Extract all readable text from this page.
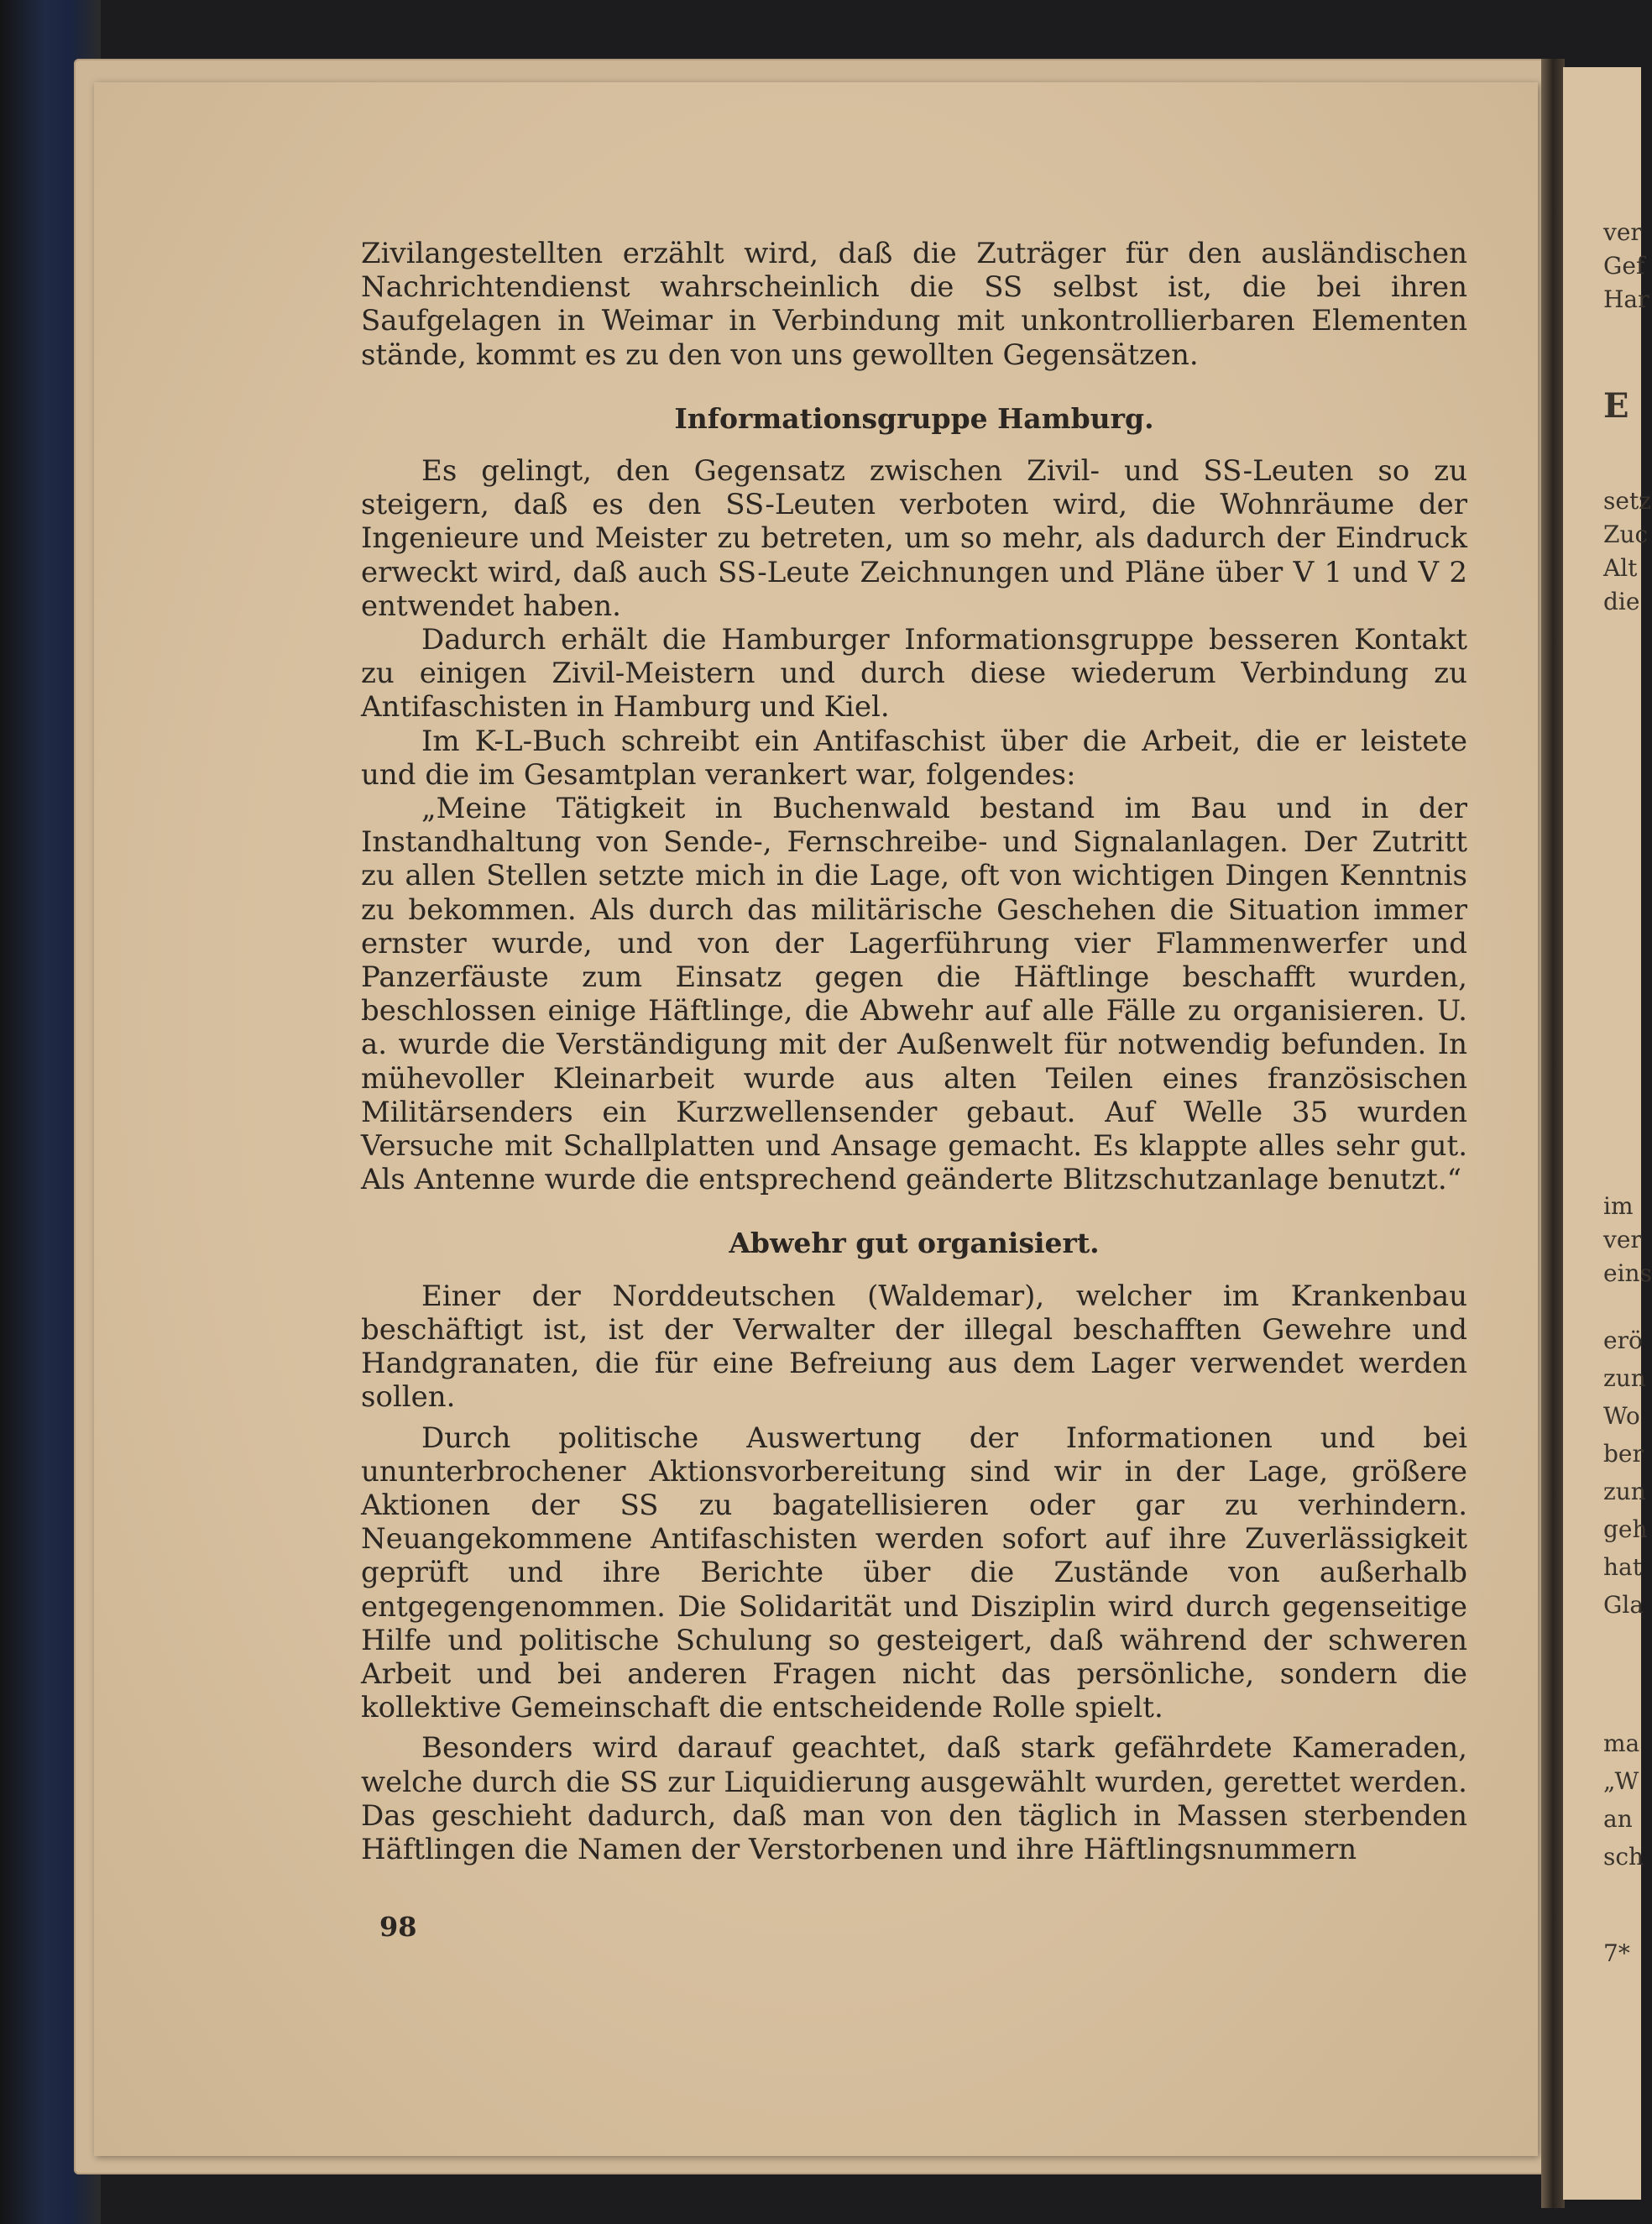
ver
Gef
Har
E
setz
Zuc
Alt
die
im
ver
eins
erö
zun
Wo
ber
zun
geh
hat
Gla
ma
„W
an
sch
7*

Zivilangestellten erzählt wird, daß die Zuträger für den ausländischen Nachrichtendienst wahrscheinlich die SS selbst ist, die bei ihren Saufgelagen in Weimar in Verbindung mit unkontrollierbaren Elementen stände, kommt es zu den von uns gewollten Gegensätzen.

Informationsgruppe Hamburg.

Es gelingt, den Gegensatz zwischen Zivil- und SS-Leuten so zu steigern, daß es den SS-Leuten verboten wird, die Wohnräume der Ingenieure und Meister zu betreten, um so mehr, als dadurch der Eindruck erweckt wird, daß auch SS-Leute Zeichnungen und Pläne über V 1 und V 2 entwendet haben.

Dadurch erhält die Hamburger Informationsgruppe besseren Kontakt zu einigen Zivil-Meistern und durch diese wiederum Verbindung zu Antifaschisten in Hamburg und Kiel.

Im K-L-Buch schreibt ein Antifaschist über die Arbeit, die er leistete und die im Gesamtplan verankert war, folgendes:

„Meine Tätigkeit in Buchenwald bestand im Bau und in der Instandhaltung von Sende-, Fernschreibe- und Signalanlagen. Der Zutritt zu allen Stellen setzte mich in die Lage, oft von wichtigen Dingen Kenntnis zu bekommen. Als durch das militärische Geschehen die Situation immer ernster wurde, und von der Lagerführung vier Flammenwerfer und Panzerfäuste zum Einsatz gegen die Häftlinge beschafft wurden, beschlossen einige Häftlinge, die Abwehr auf alle Fälle zu organisieren. U. a. wurde die Verständigung mit der Außenwelt für notwendig befunden. In mühevoller Kleinarbeit wurde aus alten Teilen eines französischen Militärsenders ein Kurzwellensender gebaut. Auf Welle 35 wurden Versuche mit Schallplatten und Ansage gemacht. Es klappte alles sehr gut. Als Antenne wurde die entsprechend geänderte Blitzschutzanlage benutzt.“

Abwehr gut organisiert.

Einer der Norddeutschen (Waldemar), welcher im Krankenbau beschäftigt ist, ist der Verwalter der illegal beschafften Gewehre und Handgranaten, die für eine Befreiung aus dem Lager verwendet werden sollen.

Durch politische Auswertung der Informationen und bei ununterbrochener Aktionsvorbereitung sind wir in der Lage, größere Aktionen der SS zu bagatellisieren oder gar zu verhindern. Neuangekommene Antifaschisten werden sofort auf ihre Zuverlässigkeit geprüft und ihre Berichte über die Zustände von außerhalb entgegengenommen. Die Solidarität und Disziplin wird durch gegenseitige Hilfe und politische Schulung so gesteigert, daß während der schweren Arbeit und bei anderen Fragen nicht das persönliche, sondern die kollektive Gemeinschaft die entscheidende Rolle spielt.

Besonders wird darauf geachtet, daß stark gefährdete Kameraden, welche durch die SS zur Liquidierung ausgewählt wurden, gerettet werden. Das geschieht dadurch, daß man von den täglich in Massen sterbenden Häftlingen die Namen der Verstorbenen und ihre Häftlingsnummern

98
